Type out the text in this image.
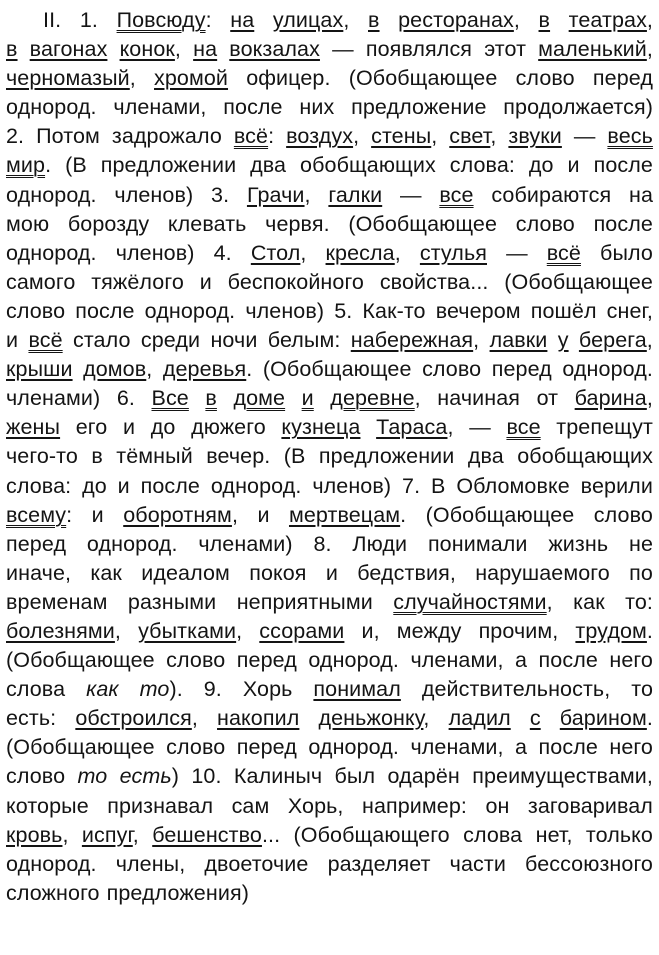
II. 1. Повсюду: на улицах, в ресторанах, в театрах,
в вагонах конок, на вокзалах — появлялся этот маленький,
черномазый, хромой офицер. (Обобщающее слово перед
однород. членами, после них предложение продолжается)
2. Потом задрожало всё: воздух, стены, свет, звуки — весь
мир. (В предложении два обобщающих слова: до и после
однород. членов) 3. Грачи, галки — все собираются на
мою борозду клевать червя. (Обобщающее слово после
однород. членов) 4. Стол, кресла, стулья — всё было
самого тяжёлого и беспокойного свойства... (Обобщающее
слово после однород. членов) 5. Как-то вечером пошёл снег,
и всё стало среди ночи белым: набережная, лавки у берега,
крыши домов, деревья. (Обобщающее слово перед однород.
членами) 6. Все в доме и деревне, начиная от барина,
жены его и до дюжего кузнеца Тараса, — все трепещут
чего-то в тёмный вечер. (В предложении два обобщающих
слова: до и после однород. членов) 7. В Обломовке верили
всему: и оборотням, и мертвецам. (Обобщающее слово
перед однород. членами) 8. Люди понимали жизнь не
иначе, как идеалом покоя и бедствия, нарушаемого по
временам разными неприятными случайностями, как то:
болезнями, убытками, ссорами и, между прочим, трудом.
(Обобщающее слово перед однород. членами, а после него
слова как то). 9. Хорь понимал действительность, то
есть: обстроился, накопил деньжонку, ладил с барином.
(Обобщающее слово перед однород. членами, а после него
слово то есть) 10. Калиныч был одарён преимуществами,
которые признавал сам Хорь, например: он заговаривал
кровь, испуг, бешенство... (Обобщающего слова нет, только
однород. члены, двоеточие разделяет части бессоюзного
сложного предложения)
